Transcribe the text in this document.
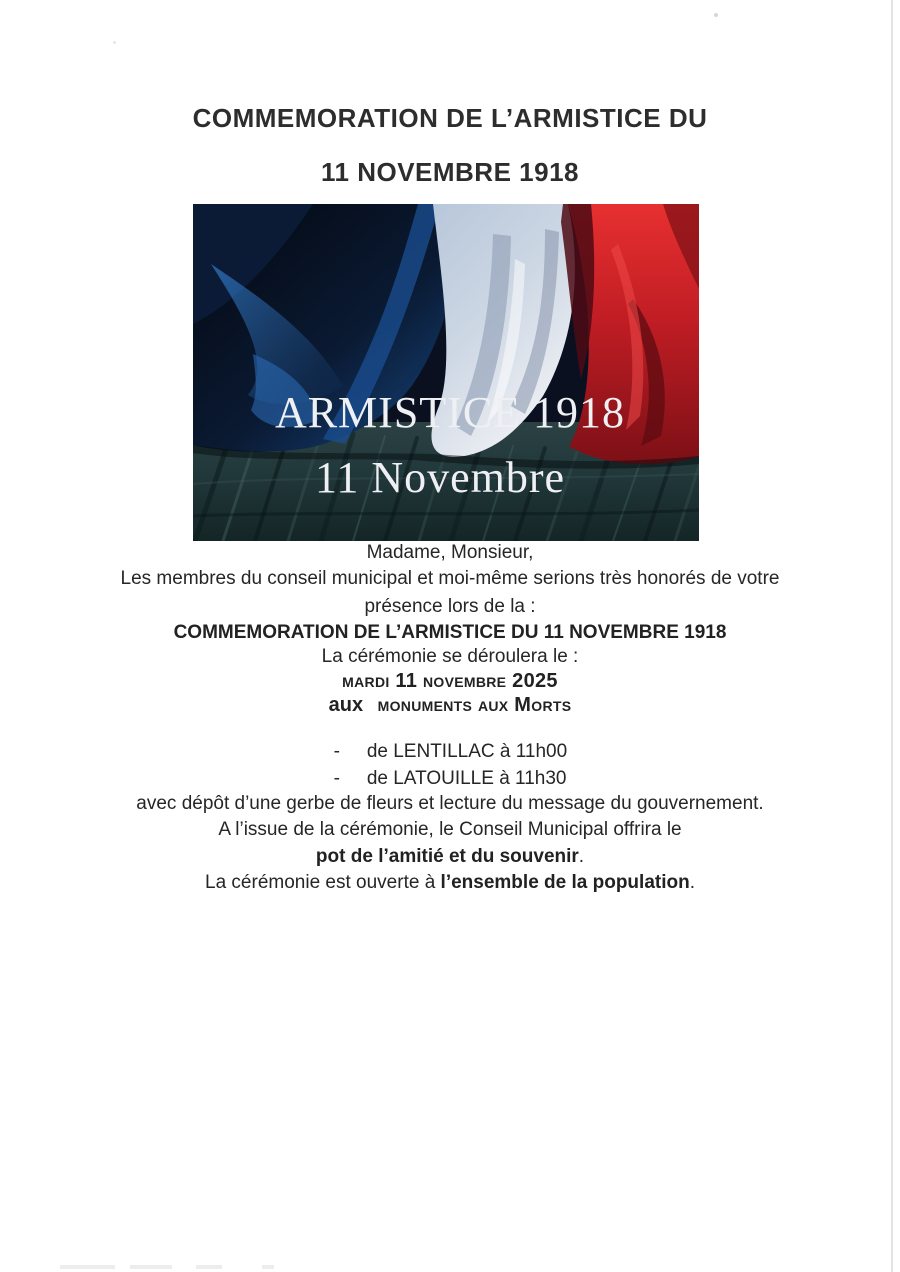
COMMEMORATION DE L’ARMISTICE DU
11 NOVEMBRE 1918
ARMISTICE 1918
11 Novembre

Madame, Monsieur,

Les membres du conseil municipal et moi-même serions très honorés de votre
présence lors de la :

COMMEMORATION DE L’ARMISTICE DU 11 NOVEMBRE 1918

La cérémonie se déroulera le :

mardi 11 novembre 2025

aux monuments aux Morts

- de LENTILLAC à 11h00
- de LATOUILLE à 11h30

avec dépôt d’une gerbe de fleurs et lecture du message du gouvernement.

A l’issue de la cérémonie, le Conseil Municipal offrira le
pot de l’amitié et du souvenir.

La cérémonie est ouverte à l’ensemble de la population.
